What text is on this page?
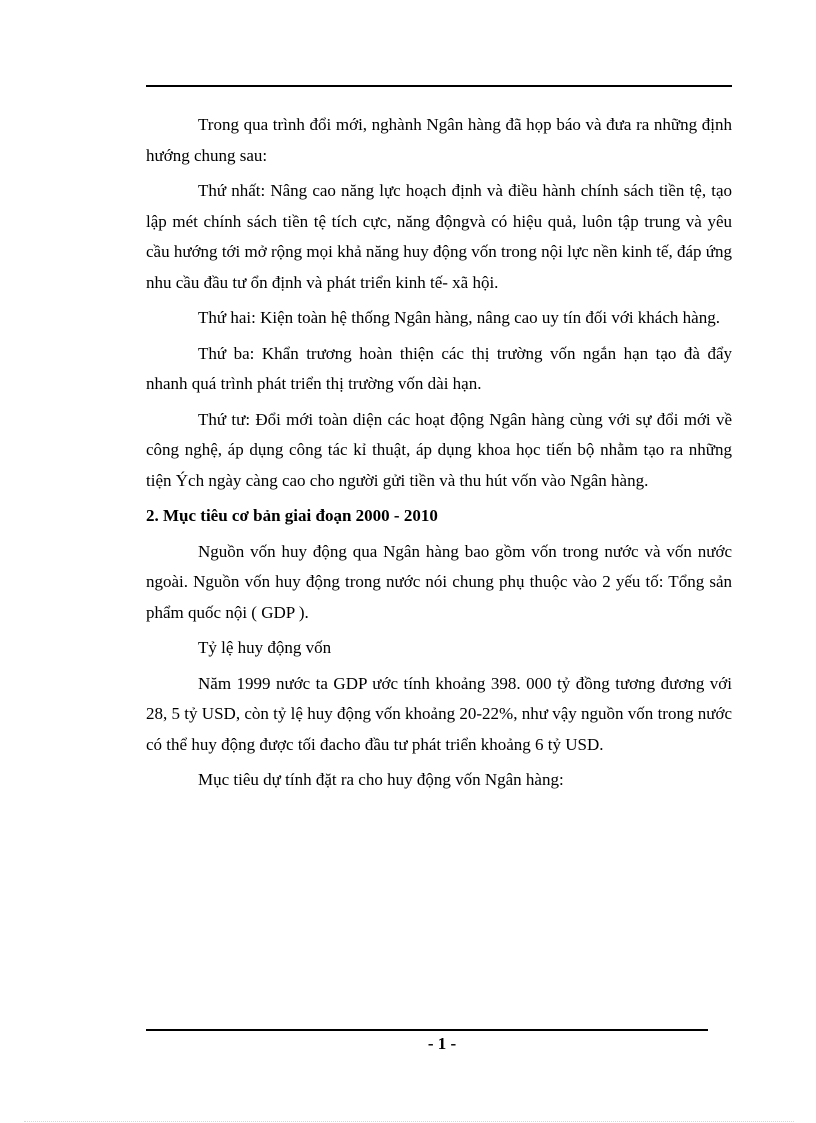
Trong qua trình đổi mới, nghành Ngân hàng đã họp báo và đưa ra những định hướng chung sau:

Thứ nhất: Nâng cao năng lực hoạch định và điều hành chính sách tiền tệ, tạo lập mét chính sách tiền tệ tích cực, năng độngvà có hiệu quả, luôn tập trung và yêu cầu hướng tới mở rộng mọi khả năng huy động vốn trong nội lực nền kinh tế, đáp ứng nhu cầu đầu tư ổn định và phát triển kinh tế- xã hội.

Thứ hai: Kiện toàn hệ thống Ngân hàng, nâng cao uy tín đối với khách hàng.

Thứ ba: Khẩn trương hoàn thiện các thị trường vốn ngắn hạn tạo đà đẩy nhanh quá trình phát triển thị trường vốn dài hạn.

Thứ tư: Đổi mới toàn diện các hoạt động Ngân hàng cùng với sự đổi mới về công nghệ, áp dụng công tác kỉ thuật, áp dụng khoa học tiến bộ nhằm tạo ra những tiện Ých ngày càng cao cho người gửi tiền và thu hút vốn vào Ngân hàng.

2. Mục tiêu cơ bản giai đoạn 2000 - 2010

Nguồn vốn huy động qua Ngân hàng bao gồm vốn trong nước và vốn nước ngoài. Nguồn vốn huy động trong nước nói chung phụ thuộc vào 2 yếu tố: Tổng sản phẩm quốc nội ( GDP ).

Tỷ lệ huy động vốn

Năm 1999 nước ta GDP ước tính khoảng 398. 000 tỷ đồng tương đương với 28, 5 tỷ USD, còn tỷ lệ huy động vốn khoảng 20-22%, như vậy nguồn vốn trong nước có thể huy động được tối đacho đầu tư phát triển khoảng 6 tỷ USD.

Mục tiêu dự tính đặt ra cho huy động vốn Ngân hàng:

- 1 -
